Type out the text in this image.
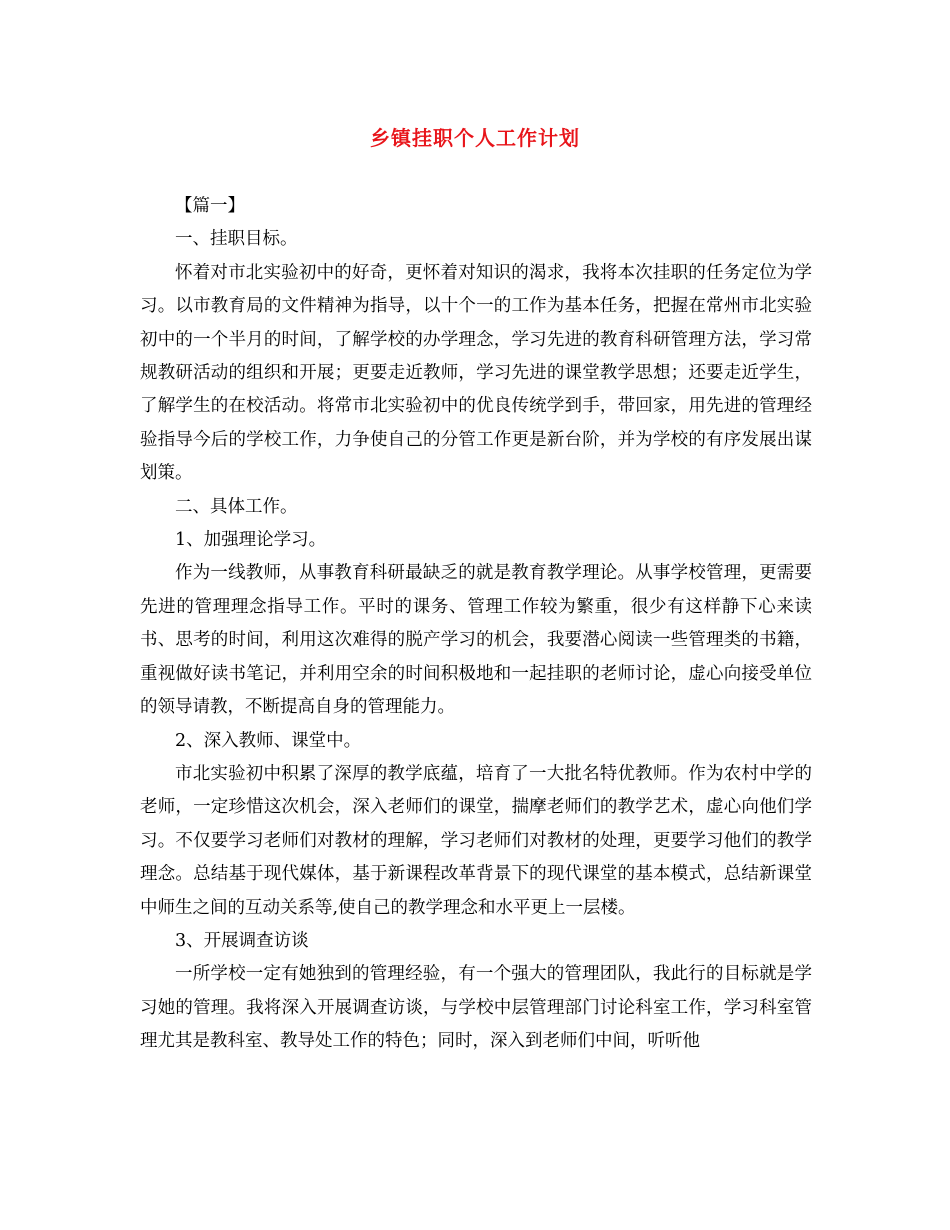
乡镇挂职个人工作计划

【篇一】

一、挂职目标。

怀着对市北实验初中的好奇，更怀着对知识的渴求，我将本次挂职的任务定位为学习。以市教育局的文件精神为指导，以十个一的工作为基本任务，把握在常州市北实验初中的一个半月的时间，了解学校的办学理念，学习先进的教育科研管理方法，学习常规教研活动的组织和开展；更要走近教师，学习先进的课堂教学思想；还要走近学生，了解学生的在校活动。将常市北实验初中的优良传统学到手，带回家，用先进的管理经验指导今后的学校工作，力争使自己的分管工作更是新台阶，并为学校的有序发展出谋划策。

二、具体工作。

1、加强理论学习。

作为一线教师，从事教育科研最缺乏的就是教育教学理论。从事学校管理，更需要先进的管理理念指导工作。平时的课务、管理工作较为繁重，很少有这样静下心来读书、思考的时间，利用这次难得的脱产学习的机会，我要潜心阅读一些管理类的书籍，重视做好读书笔记，并利用空余的时间积极地和一起挂职的老师讨论，虚心向接受单位的领导请教，不断提高自身的管理能力。

2、深入教师、课堂中。

市北实验初中积累了深厚的教学底蕴，培育了一大批名特优教师。作为农村中学的老师，一定珍惜这次机会，深入老师们的课堂，揣摩老师们的教学艺术，虚心向他们学习。不仅要学习老师们对教材的理解，学习老师们对教材的处理，更要学习他们的教学理念。总结基于现代媒体，基于新课程改革背景下的现代课堂的基本模式，总结新课堂中师生之间的互动关系等,使自己的教学理念和水平更上一层楼。

3、开展调查访谈

一所学校一定有她独到的管理经验，有一个强大的管理团队，我此行的目标就是学习她的管理。我将深入开展调查访谈，与学校中层管理部门讨论科室工作，学习科室管理尤其是教科室、教导处工作的特色；同时，深入到老师们中间，听听他
